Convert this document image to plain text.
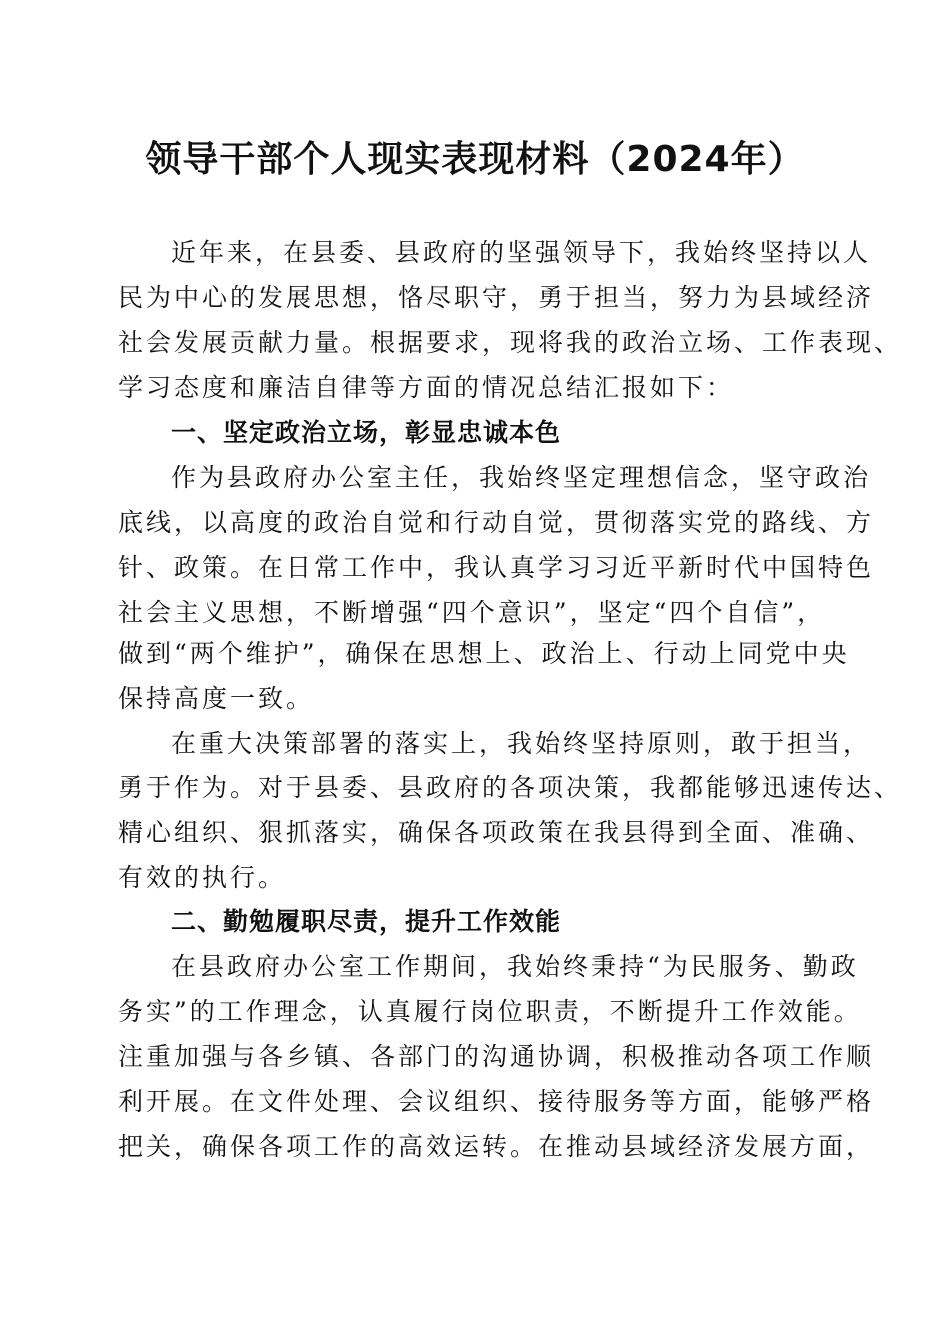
领导干部个人现实表现材料（2024年）
近年来，在县委、县政府的坚强领导下，我始终坚持以人
民为中心的发展思想，恪尽职守，勇于担当，努力为县域经济
社会发展贡献力量。根据要求，现将我的政治立场、工作表现、
学习态度和廉洁自律等方面的情况总结汇报如下：
一、坚定政治立场，彰显忠诚本色
作为县政府办公室主任，我始终坚定理想信念，坚守政治
底线，以高度的政治自觉和行动自觉，贯彻落实党的路线、方
针、政策。在日常工作中，我认真学习习近平新时代中国特色
社会主义思想，不断增强“四个意识”，坚定“四个自信”，
做到“两个维护”，确保在思想上、政治上、行动上同党中央
保持高度一致。
在重大决策部署的落实上，我始终坚持原则，敢于担当，
勇于作为。对于县委、县政府的各项决策，我都能够迅速传达、
精心组织、狠抓落实，确保各项政策在我县得到全面、准确、
有效的执行。
二、勤勉履职尽责，提升工作效能
在县政府办公室工作期间，我始终秉持“为民服务、勤政
务实”的工作理念，认真履行岗位职责，不断提升工作效能。
注重加强与各乡镇、各部门的沟通协调，积极推动各项工作顺
利开展。在文件处理、会议组织、接待服务等方面，能够严格
把关，确保各项工作的高效运转。在推动县域经济发展方面，
